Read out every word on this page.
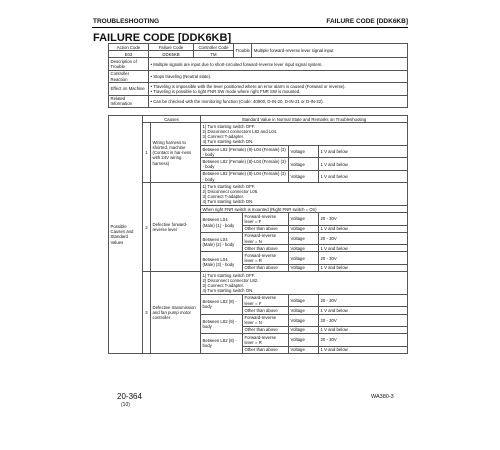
TROUBLESHOOTING	FAILURE CODE [DDK6KB]
FAILURE CODE [DDK6KB]
Action Code	Failure Code	Controller Code	Trouble	Multiple forward-reverse lever signal input
E03	DDK6KB	TM		
Description of Trouble	• Multiple signals are input due to short-circuited forward-reverse lever input signal system.			
Controller Reaction	• Stops traveling (Neutral state).			
Effect on Machine	• Traveling is impossible with the lever positioned where an error alarm is caused (Forward or reverse).
• Traveling is possible to right FNR SW mode where right FNR SW is mounted.			
Related Information	• Can be checked with the monitoring function (Code: 40900, D-IN-20, D-IN-21 or D-IN-22).			
Possible Causes and Standard Values	Causes		Standard Value in Normal State and Remarks on Troubleshooting			
	1	Wiring harness to shorted, machine (Contact in har-ness with 24V wiring harness)	1) Turn starting switch OFF.
2) Disconnect connectors L82 and L04.
3) Connect T-adapter.
4) Turn starting switch ON.			
			Between L82 (Female) (8)-L04 (Female) (3) - body		Voltage	1 V and below
			Between L82 (Female) (8)-L04 (Female) (3) - body		Voltage	1 V and below
			Between L82 (Female) (8)-L04 (Female) (3) - body		Voltage	1 V and below
	2	Defective forward-reverse lever	1) Turn starting switch OFF.
2) Disconnect connector L06.
3) Connect T-adapter.
4) Turn starting switch ON.			
			When right FNR switch is mounted (Right FNR switch = On)			
			Between L04 (Male) (1) - body	Forward-reverse lever = F	Voltage	20 - 30V
				Other than above	Voltage	1 V and below
			Between L04 (Male) (2) - body	Forward-reverse lever = N	Voltage	20 - 30V
				Other than above	Voltage	1 V and below
			Between L04 (Male) (3) - body	Forward-reverse lever = R	Voltage	20 - 30V
				Other than above	Voltage	1 V and below
	3	Defective transmission and fan pump motor controller	1) Turn starting switch OFF.
2) Disconnect connector L82.
3) Connect T-adapter.
4) Turn starting switch ON.			
			Between L82 (8) - body	Forward-reverse lever = F	Voltage	20 - 30V
				Other than above	Voltage	1 V and below
			Between L82 (9) - body	Forward-reverse lever = N	Voltage	20 - 30V
				Other than above	Voltage	1 V and below
			Between L82 (8) - body	Forward-reverse lever = R	Voltage	20 - 30V
				Other than above	Voltage	1 V and below
20-364
(10)
WA380-3
